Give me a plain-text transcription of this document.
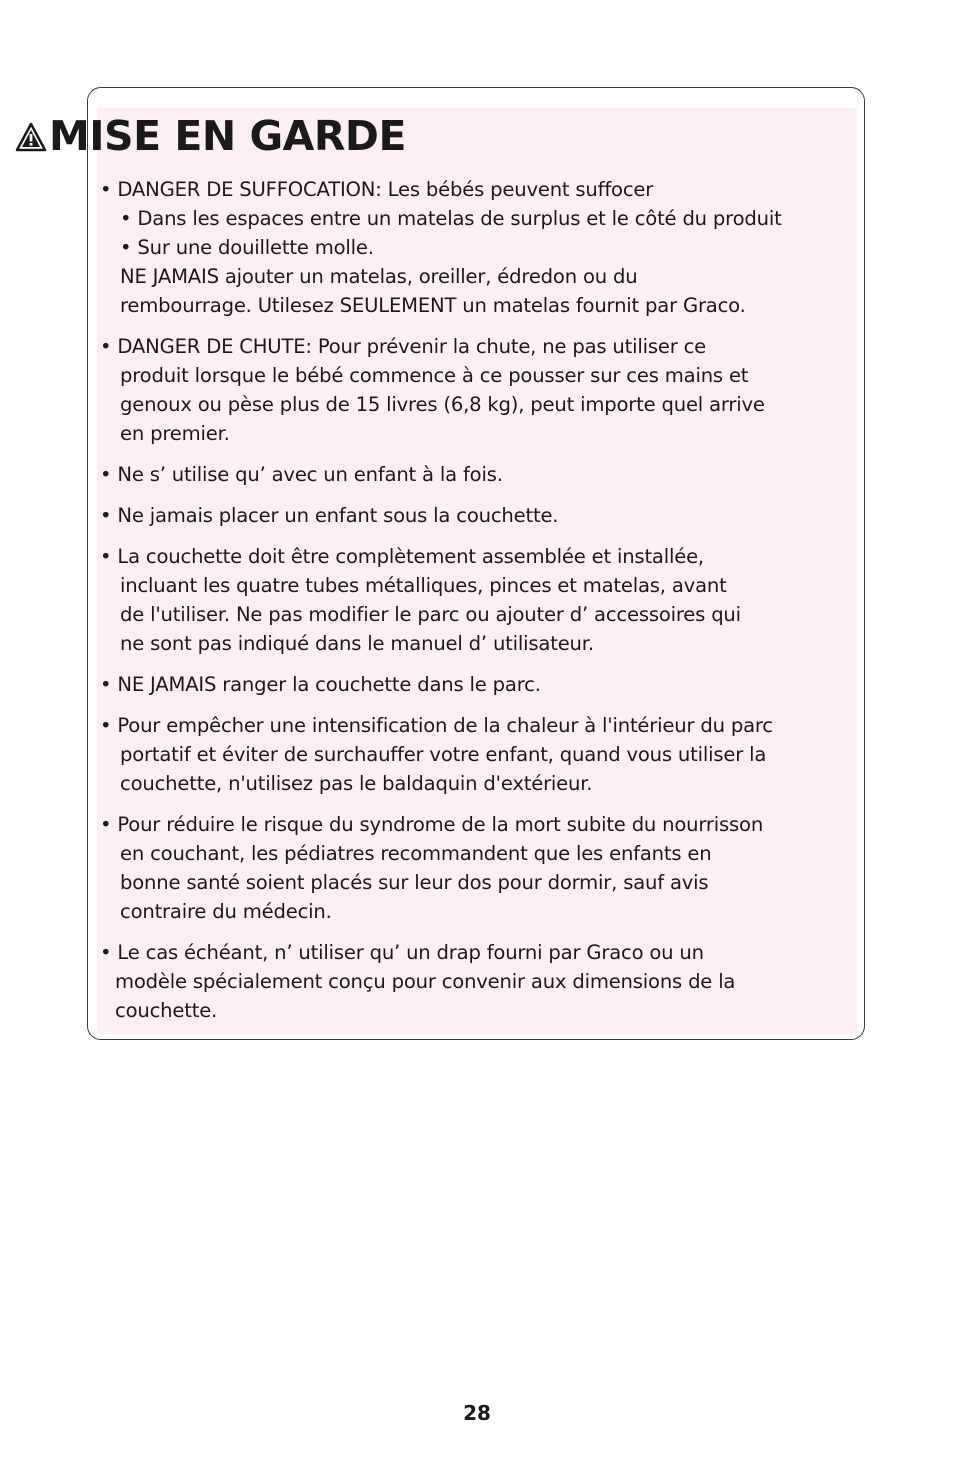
MISE EN GARDE
• DANGER DE SUFFOCATION: Les bébés peuvent suffocer
• Dans les espaces entre un matelas de surplus et le côté du produit
• Sur une douillette molle.
NE JAMAIS ajouter un matelas, oreiller, édredon ou du
rembourrage. Utilesez SEULEMENT un matelas fournit par Graco.
• DANGER DE CHUTE: Pour prévenir la chute, ne pas utiliser ce
produit lorsque le bébé commence à ce pousser sur ces mains et
genoux ou pèse plus de 15 livres (6,8 kg), peut importe quel arrive
en premier.
• Ne s’ utilise qu’ avec un enfant à la fois.
• Ne jamais placer un enfant sous la couchette.
• La couchette doit être complètement assemblée et installée,
incluant les quatre tubes métalliques, pinces et matelas, avant
de l'utiliser. Ne pas modifier le parc ou ajouter d’ accessoires qui
ne sont pas indiqué dans le manuel d’ utilisateur.
• NE JAMAIS ranger la couchette dans le parc.
• Pour empêcher une intensification de la chaleur à l'intérieur du parc
portatif et éviter de surchauffer votre enfant, quand vous utiliser la
couchette, n'utilisez pas le baldaquin d'extérieur.
• Pour réduire le risque du syndrome de la mort subite du nourrisson
en couchant, les pédiatres recommandent que les enfants en
bonne santé soient placés sur leur dos pour dormir, sauf avis
contraire du médecin.
• Le cas échéant, n’ utiliser qu’ un drap fourni par Graco ou un
modèle spécialement conçu pour convenir aux dimensions de la
couchette.
28
